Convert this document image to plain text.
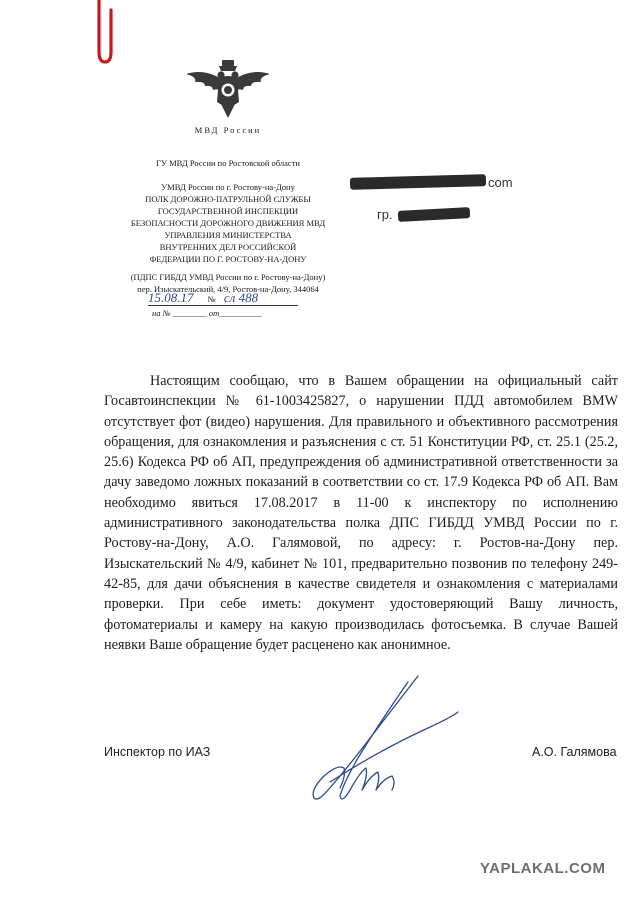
МВД России
ГУ МВД России по Ростовской области
УМВД России по г. Ростову-на-Дону
ПОЛК ДОРОЖНО-ПАТРУЛЬНОЙ СЛУЖБЫ
ГОСУДАРСТВЕННОЙ ИНСПЕКЦИИ
БЕЗОПАСНОСТИ ДОРОЖНОГО ДВИЖЕНИЯ МВД
УПРАВЛЕНИЯ МИНИСТЕРСТВА
ВНУТРЕННИХ ДЕЛ РОССИЙСКОЙ
ФЕДЕРАЦИИ ПО Г. РОСТОВУ-НА-ДОНУ
(ПДПС ГИБДД УМВД России по г. Ростову-на-Дону)
пер. Изыскательский, 4/9, Ростов-на-Дону, 344064
15.08.17 № сл 488
на № ________ от__________
com
гр.
Настоящим сообщаю, что в Вашем обращении на официальный сайт Госавтоинспекции № 61-1003425827, о нарушении ПДД автомобилем BMW отсутствует фот (видео) нарушения. Для правильного и объективного рассмотрения обращения, для ознакомления и разъяснения с ст. 51 Конституции РФ, ст. 25.1 (25.2, 25.6) Кодекса РФ об АП, предупреждения об административной ответственности за дачу заведомо ложных показаний в соответствии со ст. 17.9 Кодекса РФ об АП. Вам необходимо явиться 17.08.2017 в 11-00 к инспектору по исполнению административного законодательства полка ДПС ГИБДД УМВД России по г. Ростову-на-Дону, А.О. Галямовой, по адресу: г. Ростов-на-Дону пер. Изыскательский № 4/9, кабинет № 101, предварительно позвонив по телефону 249-42-85, для дачи объяснения в качестве свидетеля и ознакомления с материалами проверки. При себе иметь: документ удостоверяющий Вашу личность, фотоматериалы и камеру на какую производилась фотосъемка. В случае Вашей неявки Ваше обращение будет расценено как анонимное.
Инспектор по ИАЗ	А.О. Галямова
YAPLAKAL.COM
